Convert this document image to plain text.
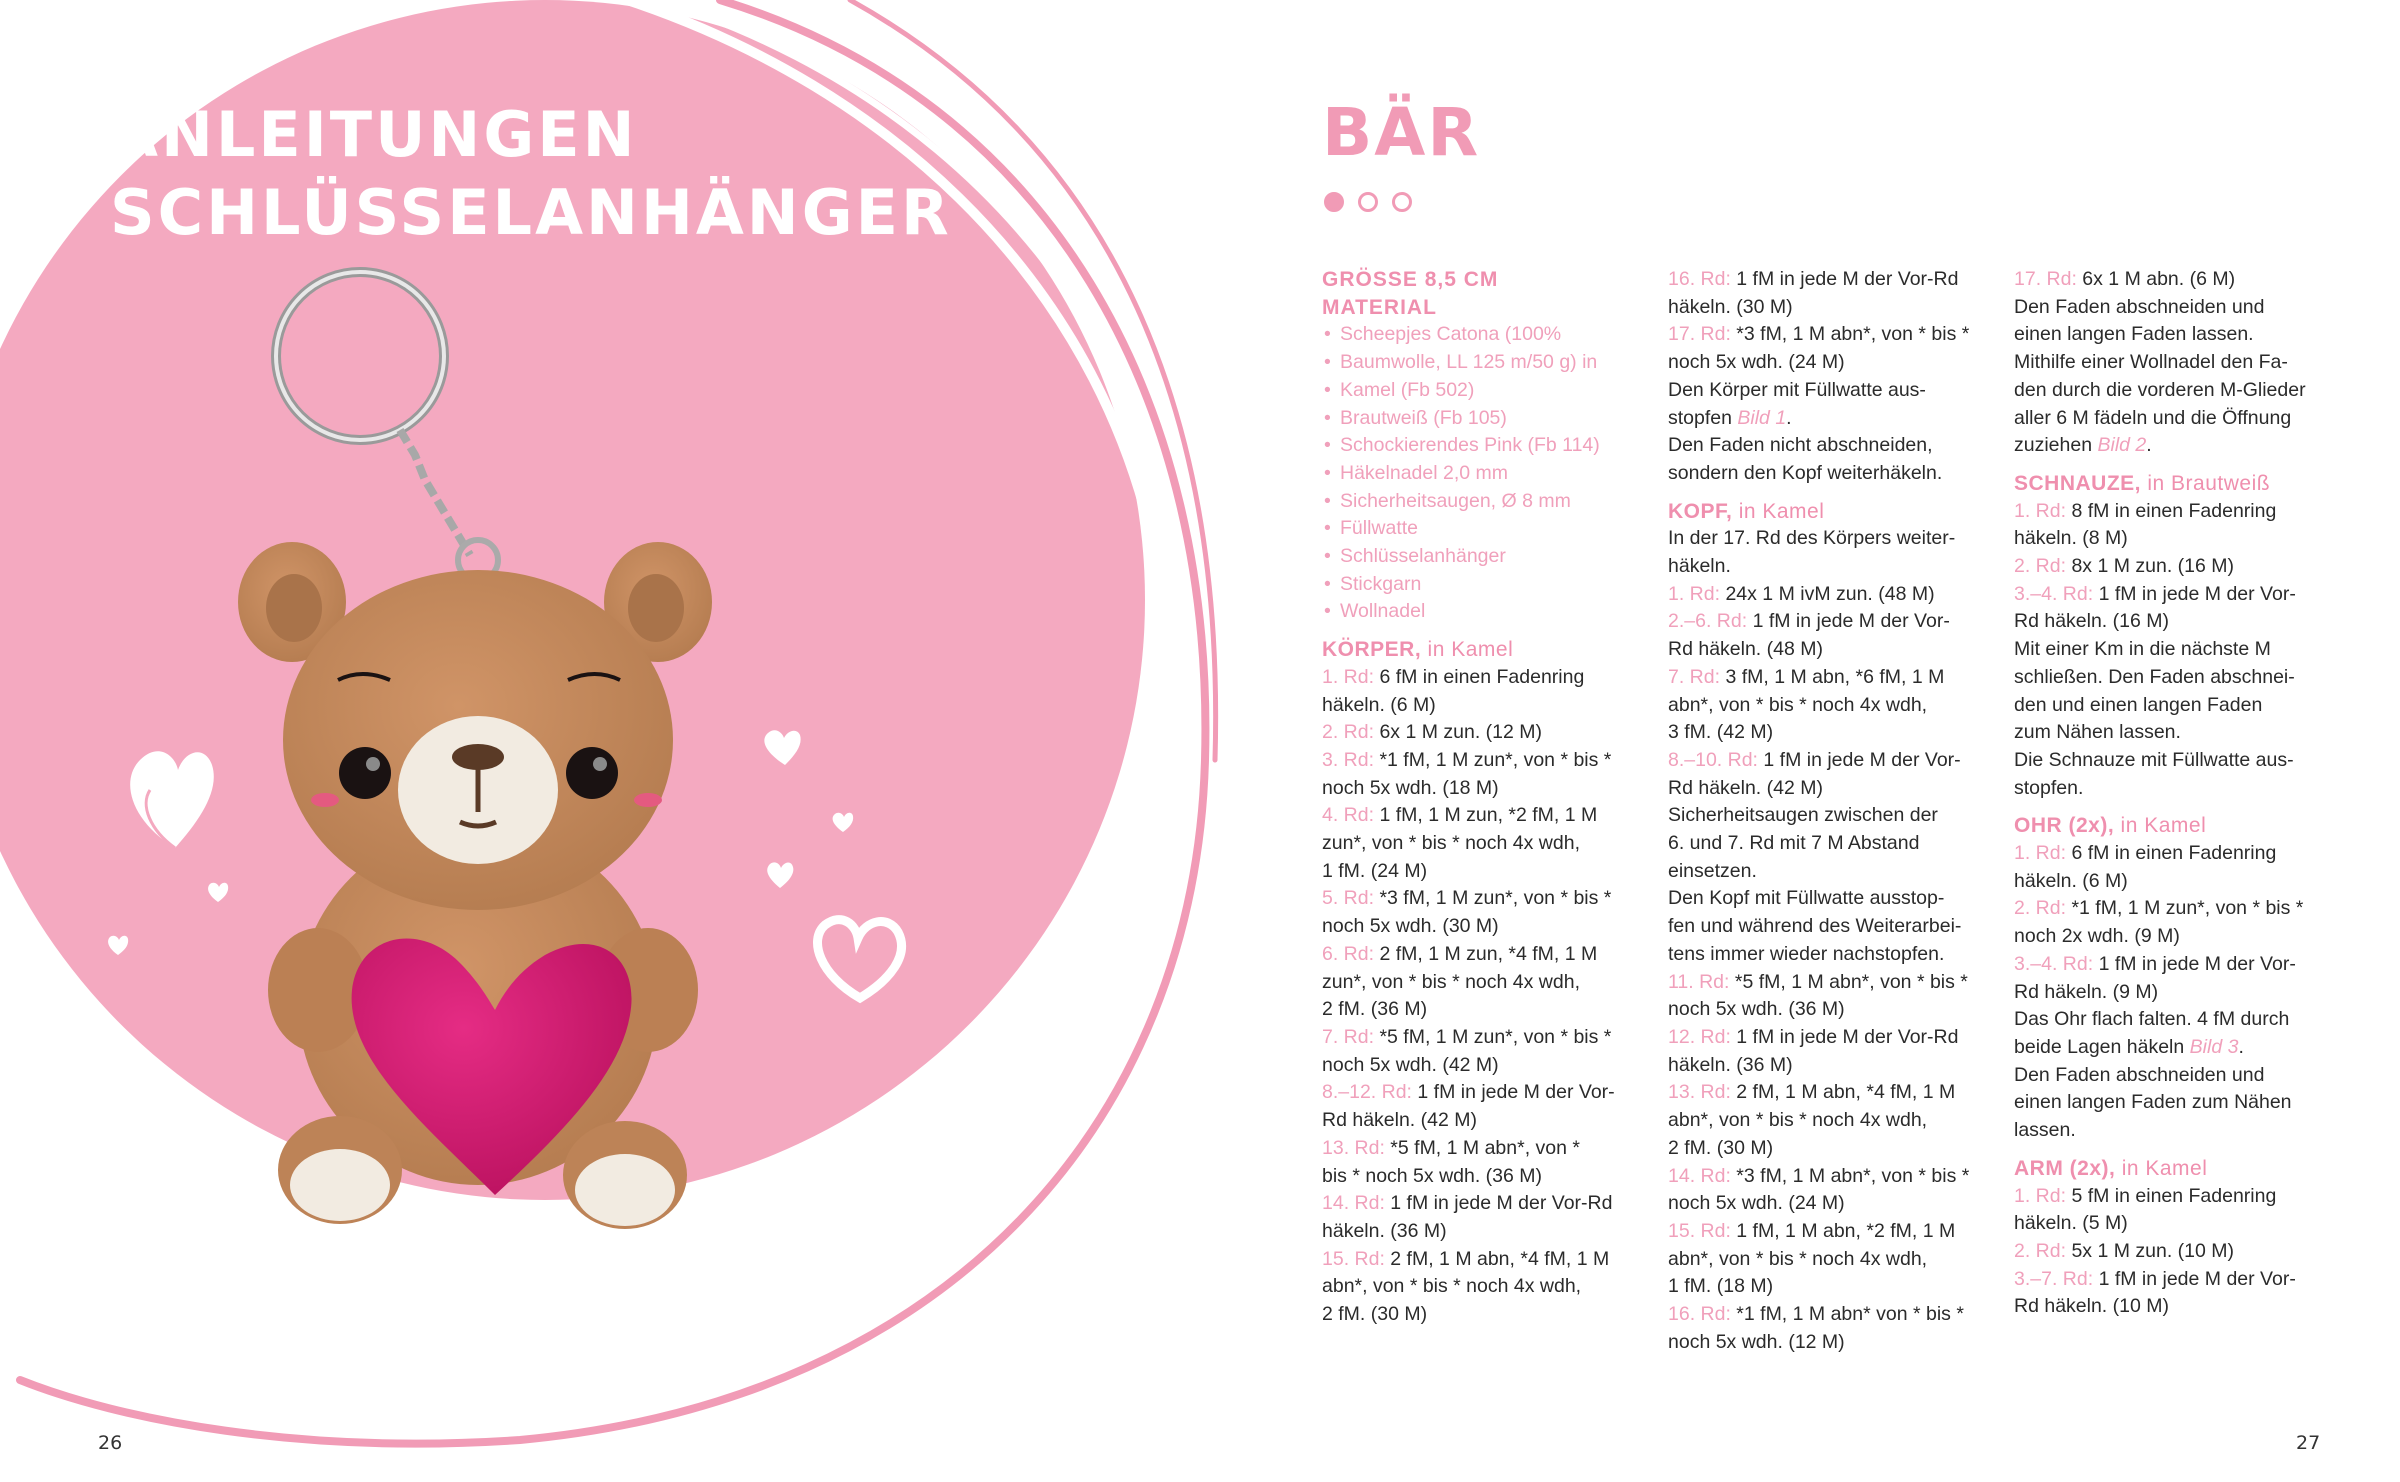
ANLEITUNGEN
SCHLÜSSELANHÄNGER
26
BÄR
GRÖSSE 8,5 CM
MATERIAL
• Scheepjes Catona (100%
• Baumwolle, LL 125 m/50 g) in
• Kamel (Fb 502)
• Brautweiß (Fb 105)
• Schockierendes Pink (Fb 114)
• Häkelnadel 2,0 mm
• Sicherheitsaugen, Ø 8 mm
• Füllwatte
• Schlüsselanhänger
• Stickgarn
• Wollnadel
KÖRPER, in Kamel
1. Rd: 6 fM in einen Fadenring
häkeln. (6 M)
2. Rd: 6x 1 M zun. (12 M)
3. Rd: *1 fM, 1 M zun*, von * bis *
noch 5x wdh. (18 M)
4. Rd: 1 fM, 1 M zun, *2 fM, 1 M
zun*, von * bis * noch 4x wdh,
1 fM. (24 M)
5. Rd: *3 fM, 1 M zun*, von * bis *
noch 5x wdh. (30 M)
6. Rd: 2 fM, 1 M zun, *4 fM, 1 M
zun*, von * bis * noch 4x wdh,
2 fM. (36 M)
7. Rd: *5 fM, 1 M zun*, von * bis *
noch 5x wdh. (42 M)
8.–12. Rd: 1 fM in jede M der Vor-
Rd häkeln. (42 M)
13. Rd: *5 fM, 1 M abn*, von *
bis * noch 5x wdh. (36 M)
14. Rd: 1 fM in jede M der Vor-Rd
häkeln. (36 M)
15. Rd: 2 fM, 1 M abn, *4 fM, 1 M
abn*, von * bis * noch 4x wdh,
2 fM. (30 M)
16. Rd: 1 fM in jede M der Vor-Rd
häkeln. (30 M)
17. Rd: *3 fM, 1 M abn*, von * bis *
noch 5x wdh. (24 M)
Den Körper mit Füllwatte aus-
stopfen Bild 1.
Den Faden nicht abschneiden,
sondern den Kopf weiterhäkeln.
KOPF, in Kamel
In der 17. Rd des Körpers weiter-
häkeln.
1. Rd: 24x 1 M ivM zun. (48 M)
2.–6. Rd: 1 fM in jede M der Vor-
Rd häkeln. (48 M)
7. Rd: 3 fM, 1 M abn, *6 fM, 1 M
abn*, von * bis * noch 4x wdh,
3 fM. (42 M)
8.–10. Rd: 1 fM in jede M der Vor-
Rd häkeln. (42 M)
Sicherheitsaugen zwischen der
6. und 7. Rd mit 7 M Abstand
einsetzen.
Den Kopf mit Füllwatte ausstop-
fen und während des Weiterarbei-
tens immer wieder nachstopfen.
11. Rd: *5 fM, 1 M abn*, von * bis *
noch 5x wdh. (36 M)
12. Rd: 1 fM in jede M der Vor-Rd
häkeln. (36 M)
13. Rd: 2 fM, 1 M abn, *4 fM, 1 M
abn*, von * bis * noch 4x wdh,
2 fM. (30 M)
14. Rd: *3 fM, 1 M abn*, von * bis *
noch 5x wdh. (24 M)
15. Rd: 1 fM, 1 M abn, *2 fM, 1 M
abn*, von * bis * noch 4x wdh,
1 fM. (18 M)
16. Rd: *1 fM, 1 M abn* von * bis *
noch 5x wdh. (12 M)
17. Rd: 6x 1 M abn. (6 M)
Den Faden abschneiden und
einen langen Faden lassen.
Mithilfe einer Wollnadel den Fa-
den durch die vorderen M-Glieder
aller 6 M fädeln und die Öffnung
zuziehen Bild 2.
SCHNAUZE, in Brautweiß
1. Rd: 8 fM in einen Fadenring
häkeln. (8 M)
2. Rd: 8x 1 M zun. (16 M)
3.–4. Rd: 1 fM in jede M der Vor-
Rd häkeln. (16 M)
Mit einer Km in die nächste M
schließen. Den Faden abschnei-
den und einen langen Faden
zum Nähen lassen.
Die Schnauze mit Füllwatte aus-
stopfen.
OHR (2x), in Kamel
1. Rd: 6 fM in einen Fadenring
häkeln. (6 M)
2. Rd: *1 fM, 1 M zun*, von * bis *
noch 2x wdh. (9 M)
3.–4. Rd: 1 fM in jede M der Vor-
Rd häkeln. (9 M)
Das Ohr flach falten. 4 fM durch
beide Lagen häkeln Bild 3.
Den Faden abschneiden und
einen langen Faden zum Nähen
lassen.
ARM (2x), in Kamel
1. Rd: 5 fM in einen Fadenring
häkeln. (5 M)
2. Rd: 5x 1 M zun. (10 M)
3.–7. Rd: 1 fM in jede M der Vor-
Rd häkeln. (10 M)
27
